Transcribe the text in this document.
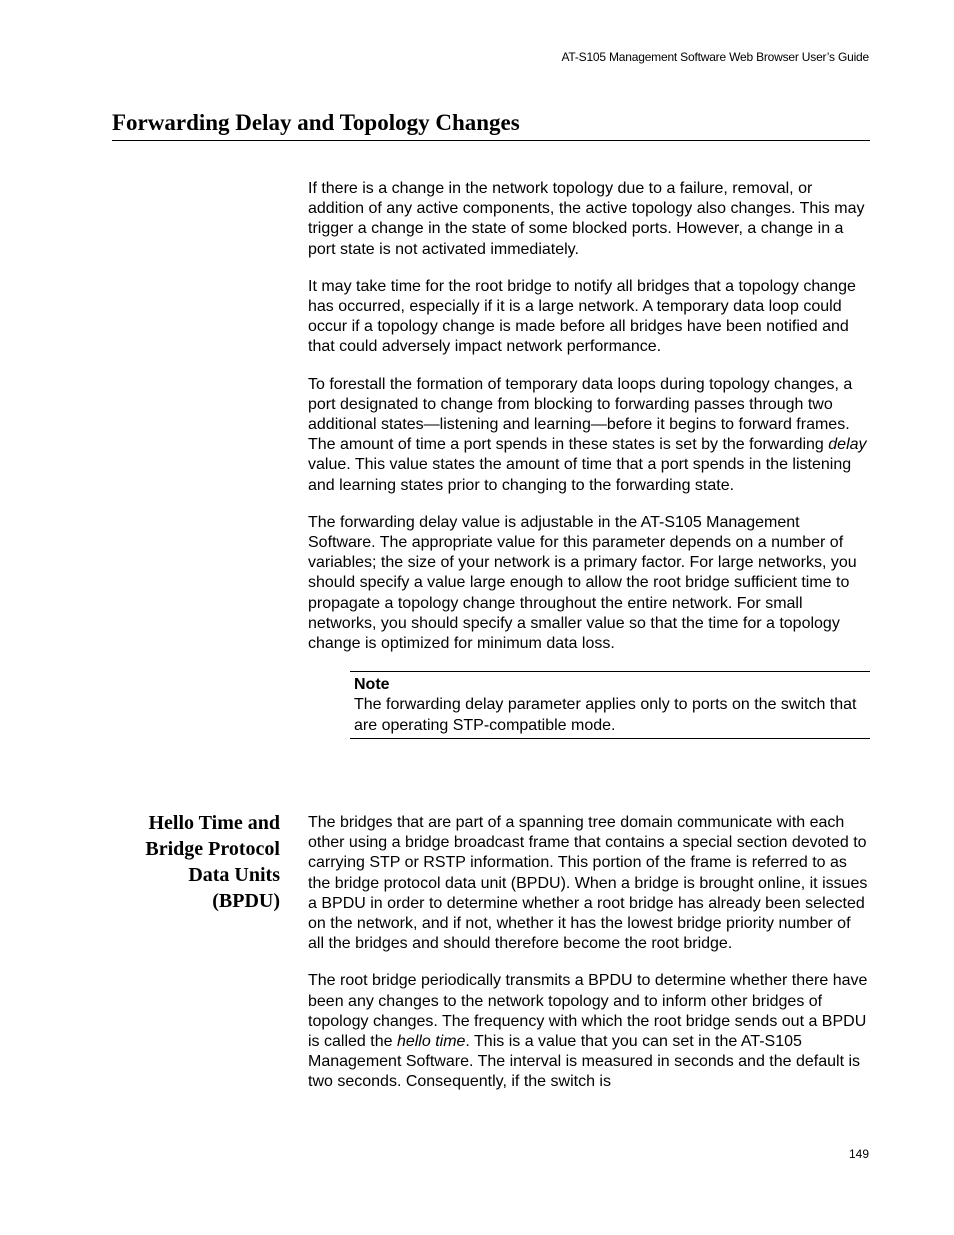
AT-S105 Management Software Web Browser User’s Guide
Forwarding Delay and Topology Changes

If there is a change in the network topology due to a failure, removal, or addition of any active components, the active topology also changes. This may trigger a change in the state of some blocked ports. However, a change in a port state is not activated immediately.

It may take time for the root bridge to notify all bridges that a topology change has occurred, especially if it is a large network. A temporary data loop could occur if a topology change is made before all bridges have been notified and that could adversely impact network performance.

To forestall the formation of temporary data loops during topology changes, a port designated to change from blocking to forwarding passes through two additional states—listening and learning—before it begins to forward frames. The amount of time a port spends in these states is set by the forwarding delay value. This value states the amount of time that a port spends in the listening and learning states prior to changing to the forwarding state.

The forwarding delay value is adjustable in the AT-S105 Management Software. The appropriate value for this parameter depends on a number of variables; the size of your network is a primary factor. For large networks, you should specify a value large enough to allow the root bridge sufficient time to propagate a topology change throughout the entire network. For small networks, you should specify a smaller value so that the time for a topology change is optimized for minimum data loss.

Note
The forwarding delay parameter applies only to ports on the switch that are operating STP-compatible mode.
Hello Time and
Bridge Protocol
Data Units
(BPDU)

The bridges that are part of a spanning tree domain communicate with each other using a bridge broadcast frame that contains a special section devoted to carrying STP or RSTP information. This portion of the frame is referred to as the bridge protocol data unit (BPDU). When a bridge is brought online, it issues a BPDU in order to determine whether a root bridge has already been selected on the network, and if not, whether it has the lowest bridge priority number of all the bridges and should therefore become the root bridge.

The root bridge periodically transmits a BPDU to determine whether there have been any changes to the network topology and to inform other bridges of topology changes. The frequency with which the root bridge sends out a BPDU is called the hello time. This is a value that you can set in the AT-S105 Management Software. The interval is measured in seconds and the default is two seconds. Consequently, if the switch is

149
